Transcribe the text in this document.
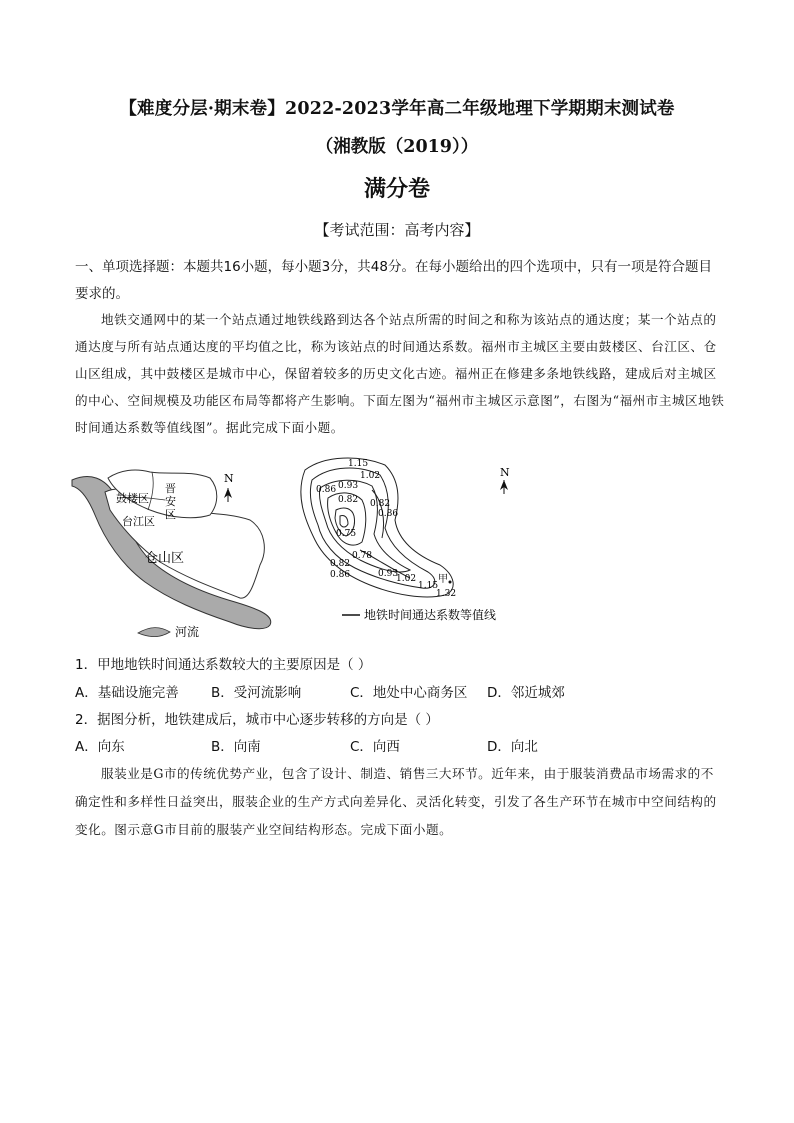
【难度分层·期末卷】2022-2023学年高二年级地理下学期期末测试卷
（湘教版（2019））
满分卷
【考试范围：高考内容】
一、单项选择题：本题共16小题，每小题3分，共48分。在每小题给出的四个选项中，只有一项是符合题目要求的。
地铁交通网中的某一个站点通过地铁线路到达各个站点所需的时间之和称为该站点的通达度；某一个站点的通达度与所有站点通达度的平均值之比，称为该站点的时间通达系数。福州市主城区主要由鼓楼区、台江区、仓山区组成，其中鼓楼区是城市中心，保留着较多的历史文化古迹。福州正在修建多条地铁线路，建成后对主城区的中心、空间规模及功能区布局等都将产生影响。下面左图为“福州市主城区示意图”，右图为“福州市主城区地铁时间通达系数等值线图”。据此完成下面小题。
鼓楼区
晋
安
区
台江区
仓山区
N
河流
1.15
1.02
0.86 0.93
0.82 0.82
0.86
0.75
0.78
0.82
0.86	0.93
1.02
1.15
1.32
甲
N
地铁时间通达系数等值线
1．甲地地铁时间通达系数较大的主要原因是（ ）
A．基础设施完善 B．受河流影响	C．地处中心商务区 D．邻近城郊
2．据图分析，地铁建成后，城市中心逐步转移的方向是（ ）
A．向东	B．向南	C．向西	D．向北
服装业是G市的传统优势产业，包含了设计、制造、销售三大环节。近年来，由于服装消费品市场需求的不确定性和多样性日益突出，服装企业的生产方式向差异化、灵活化转变，引发了各生产环节在城市中空间结构的变化。图示意G市目前的服装产业空间结构形态。完成下面小题。
